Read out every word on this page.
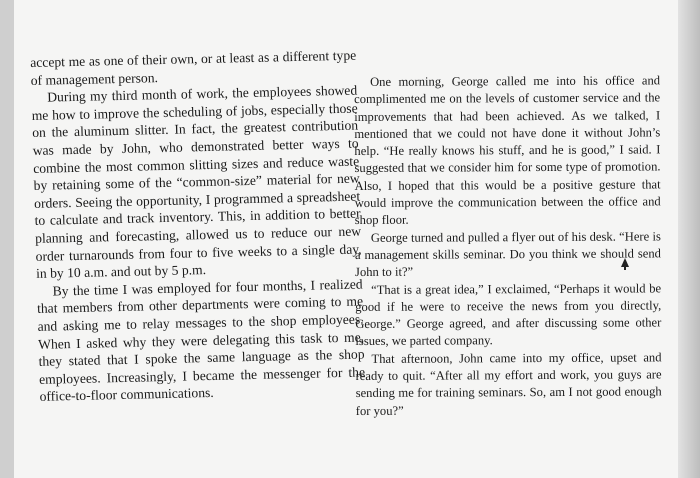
accept me as one of their own, or at least as a different type of management person.

During my third month of work, the employees showed me how to improve the scheduling of jobs, especially those on the aluminum slitter. In fact, the greatest contribution was made by John, who demonstrated better ways to combine the most common slitting sizes and reduce waste by retaining some of the “common-size” material for new orders. Seeing the opportunity, I programmed a spreadsheet to calculate and track inventory. This, in addition to better planning and forecasting, allowed us to reduce our new order turnarounds from four to five weeks to a single day, in by 10 a.m. and out by 5 p.m.

By the time I was employed for four months, I realized that members from other departments were coming to me and asking me to relay messages to the shop employees. When I asked why they were delegating this task to me, they stated that I spoke the same language as the shop employees. Increasingly, I became the messenger for the office-to-floor communications.

One morning, George called me into his office and complimented me on the levels of customer service and the improvements that had been achieved. As we talked, I mentioned that we could not have done it without John’s help. “He really knows his stuff, and he is good,” I said. I suggested that we consider him for some type of promotion. Also, I hoped that this would be a positive gesture that would improve the communication between the office and shop floor.

George turned and pulled a flyer out of his desk. “Here is a management skills seminar. Do you think we should send John to it?”

“That is a great idea,” I exclaimed, “Perhaps it would be good if he were to receive the news from you directly, George.” George agreed, and after discussing some other issues, we parted company.

That afternoon, John came into my office, upset and ready to quit. “After all my effort and work, you guys are sending me for training seminars. So, am I not good enough for you?”
